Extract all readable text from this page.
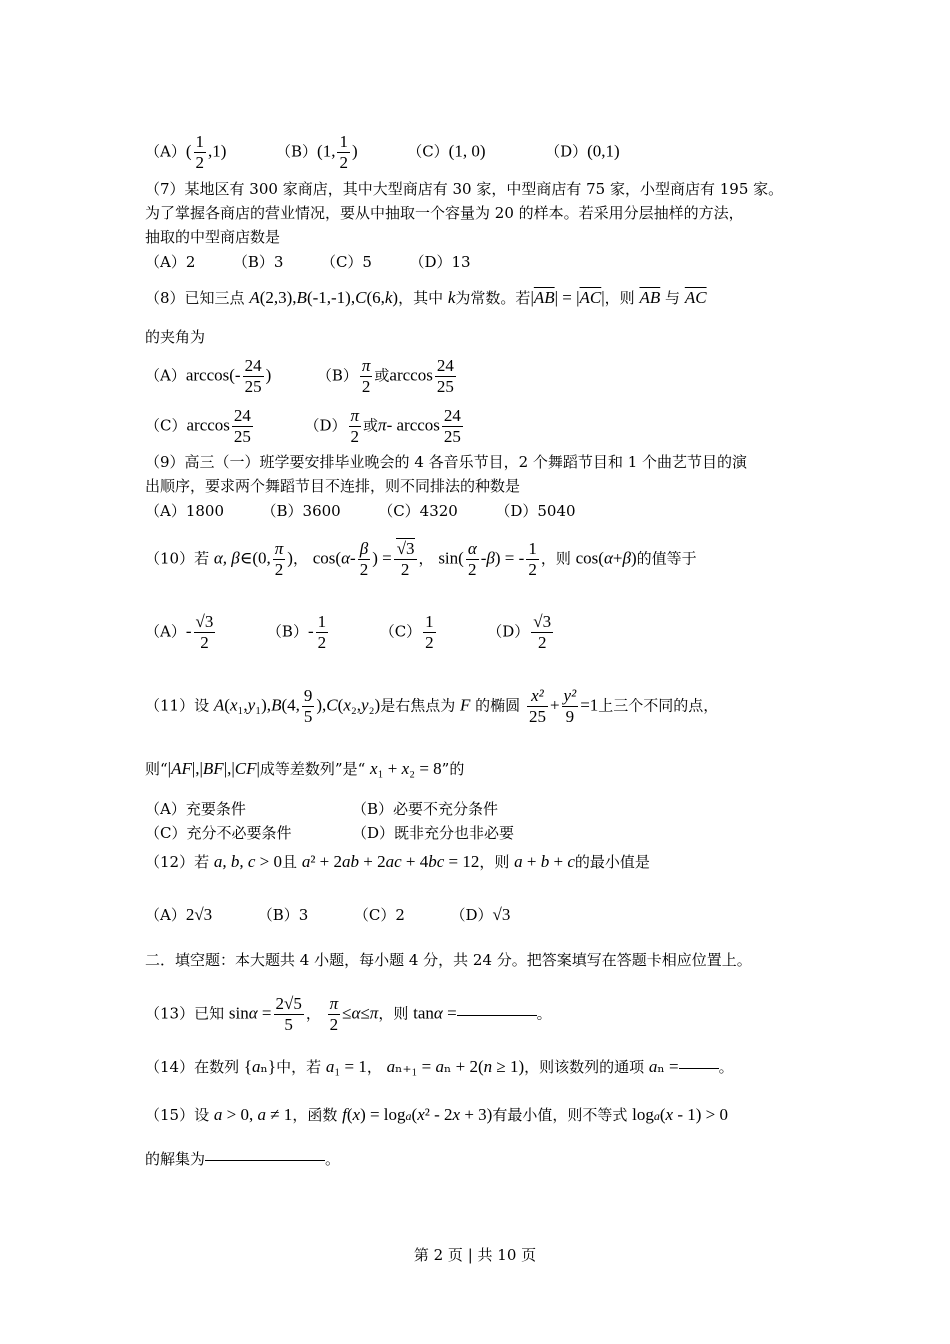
$(A)( \frac{1}{2} ,1)$	（B）(1, $\frac{1}{2}$ )	（C）(1, 0)	（D）(0,1)
（7）某地区有 300 家商店，其中大型商店有 30 家，中型商店有 75 家，小型商店有 195 家。
为了掌握各商店的营业情况，要从中抽取一个容量为 20 的样本。若采用分层抽样的方法，
抽取的中型商店数是
（A）2　　　（B）3　　　（C）5　　　（D）13
（8）已知三点 A(2,3),B(-1,-1),C(6,k)，其中 k为常数。若$|\overline{AB}| = |\overline{AC}|$，则 $\overline{AB}$ 与 $\overline{AC}$
的夹角为
$(A)\arccos(- \frac{24}{25}$ )	$(B) \frac{\pi}{2}$ 或$\arccos \frac{24}{25}$
$(C)\arccos \frac{24}{25}$	$(D) \frac{\pi}{2}$ 或π- $\arccos \frac{24}{25}$
（9）高三（一）班学要安排毕业晚会的 4 各音乐节目，2 个舞蹈节目和 1 个曲艺节目的演
出顺序，要求两个舞蹈节目不连排，则不同排法的种数是
（A）1800　　　（B）3600　　　（C）4320　　　（D）5040
（10）若 α, β∈(0, $\frac{\pi}{2}$ )， $\cos(\alpha- \frac{\beta}{2}$ ) = $\frac{√3}{2}$ ， $\sin( \frac{\alpha}{2} -\beta)$ = - $\frac{1}{2}$ ，则 cos(α+β)的值等于
$(A)- \frac{√3}{2}$	$(B)- \frac{1}{2}$	$(C) \frac{1}{2}$	$(D) \frac{√3}{2}$
（11）设 A(x₁,y₁),B(4, $\frac{9}{5} ),C(x_2,y_2)$是右焦点为 F 的椭圆 $\frac{\text{x²}}{25} + \frac{\text{y²}}{9} =1$上三个不同的点，
则“|AF|,|BF|,|CF|成等差数列”是“ x₁ + x₂ = 8”的
（A）充要条件	（B）必要不充分条件
（C）充分不必要条件	（D）既非充分也非必要
（12）若 a, b, c > 0且 a² + 2ab + 2ac + 4bc = 12，则 a + b + c的最小值是
（A）2√3	（B）3	（C）2	（D）√3
二．填空题：本大题共 4 小题，每小题 4 分，共 24 分。把答案填写在答题卡相应位置上。
（13）已知 $\sin\alpha = \frac{2√5}{5}$ ， $\frac{\pi}{2} \le\alpha\le\pi$，则 tanα =	。
（14）在数列 {aₙ}中，若 a₁ = 1， aₙ₊₁ = aₙ + 2(n ≥ 1)，则该数列的通项 aₙ =	。
（15）设 a > 0, a ≠ 1，函数 f(x) = loga(x² - 2x + 3)有最小值，则不等式 loga(x - 1) > 0
的解集为	。
第 2 页 | 共 10 页
